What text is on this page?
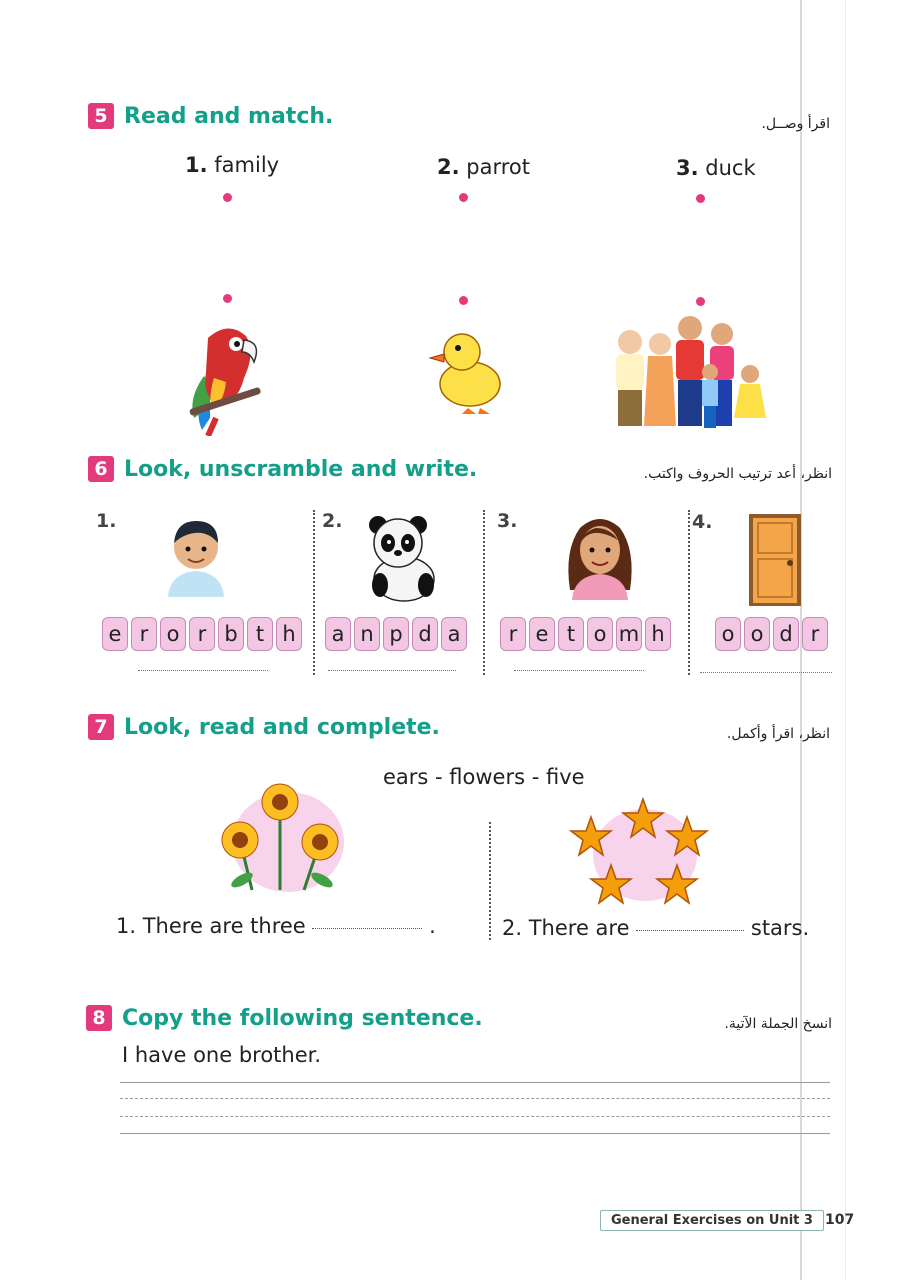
5 Read and match.	اقرأ وصــل.
1. family	2. parrot	3. duck
6 Look, unscramble and write.	انظر، أعد ترتيب الحروف واكتب.
1.	2.	3.	4.
e r o r b t h	a n p d a	r e t o m h	o o d r
7 Look, read and complete.	انظر، اقرأ وأكمل.
ears - flowers - five
1. There are three	.	2. There are	stars.
8 Copy the following sentence.	انسخ الجملة الآتية.
I have one brother.
General Exercises on Unit 3 107
